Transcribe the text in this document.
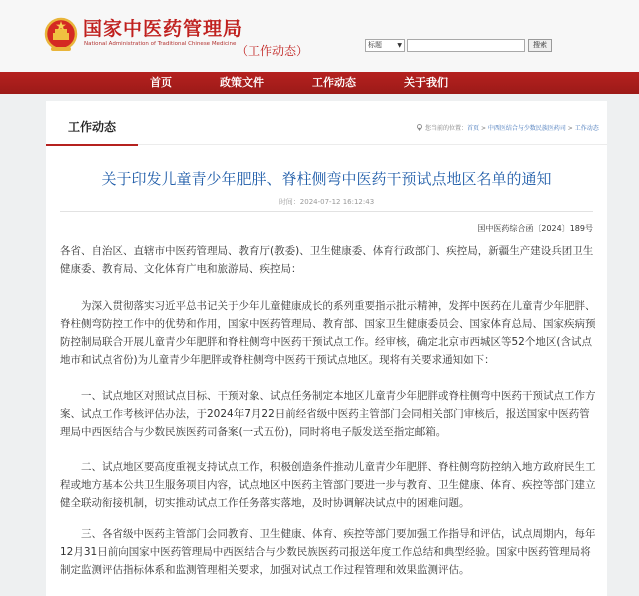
国家中医药管理局
National Administration of Traditional Chinese Medicine （工作动态）	标题	▼	搜索
首页	政策文件	工作动态	关于我们
工作动态	您当前的位置：首页 > 中西医结合与少数民族医药司 > 工作动态
关于印发儿童青少年肥胖、脊柱侧弯中医药干预试点地区名单的通知
时间：2024-07-12 16:12:43
国中医药综合函〔2024〕189号
各省、自治区、直辖市中医药管理局、教育厅(教委)、卫生健康委、体育行政部门、疾控局，新疆生产建设兵团卫生健康委、教育局、文化体育广电和旅游局、疾控局：
为深入贯彻落实习近平总书记关于少年儿童健康成长的系列重要指示批示精神，发挥中医药在儿童青少年肥胖、脊柱侧弯防控工作中的优势和作用，国家中医药管理局、教育部、国家卫生健康委员会、国家体育总局、国家疾病预防控制局联合开展儿童青少年肥胖和脊柱侧弯中医药干预试点工作。经审核，确定北京市西城区等52个地区(含试点地市和试点省份)为儿童青少年肥胖或脊柱侧弯中医药干预试点地区。现将有关要求通知如下：
一、试点地区对照试点目标、干预对象、试点任务制定本地区儿童青少年肥胖或脊柱侧弯中医药干预试点工作方案、试点工作考核评估办法，于2024年7月22日前经省级中医药主管部门会同相关部门审核后，报送国家中医药管理局中西医结合与少数民族医药司备案(一式五份)，同时将电子版发送至指定邮箱。
二、试点地区要高度重视支持试点工作，积极创造条件推动儿童青少年肥胖、脊柱侧弯防控纳入地方政府民生工程或地方基本公共卫生服务项目内容，试点地区中医药主管部门要进一步与教育、卫生健康、体育、疾控等部门建立健全联动衔接机制，切实推动试点工作任务落实落地，及时协调解决试点中的困难问题。
三、各省级中医药主管部门会同教育、卫生健康、体育、疾控等部门要加强工作指导和评估，试点周期内，每年12月31日前向国家中医药管理局中西医结合与少数民族医药司报送年度工作总结和典型经验。国家中医药管理局将制定监测评估指标体系和监测管理相关要求，加强对试点工作过程管理和效果监测评估。
